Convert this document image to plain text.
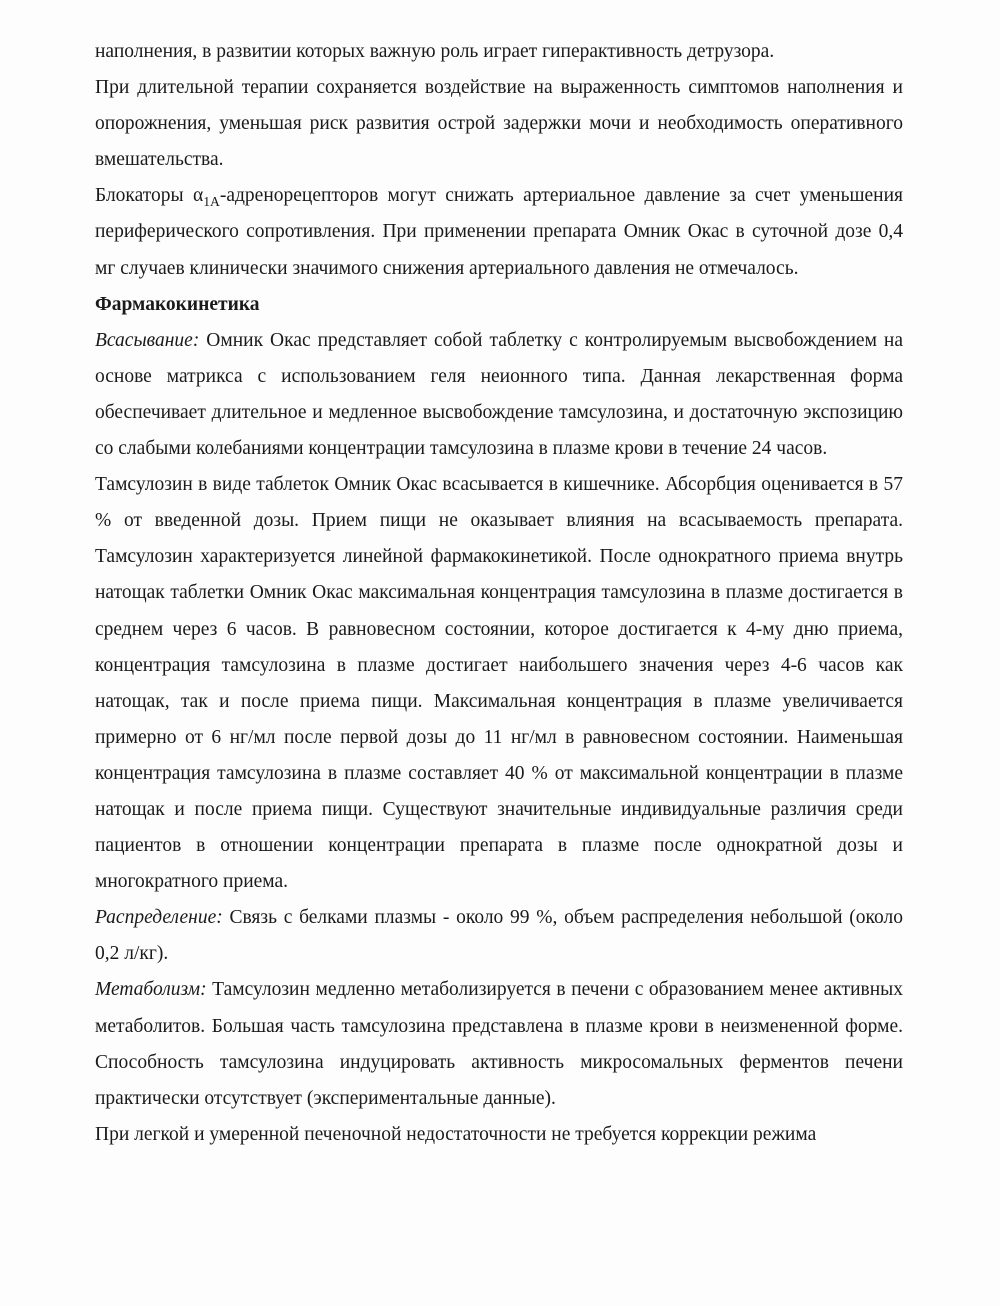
наполнения, в развитии которых важную роль играет гиперактивность детрузора.

При длительной терапии сохраняется воздействие на выраженность симптомов наполнения и опорожнения, уменьшая риск развития острой задержки мочи и необходимость оперативного вмешательства.

Блокаторы $\alpha_{1A}$-адренорецепторов могут снижать артериальное давление за счет уменьшения периферического сопротивления. При применении препарата Омник Окас в суточной дозе 0,4 мг случаев клинически значимого снижения артериального давления не отмечалось.

Фармакокинетика

Всасывание: Омник Окас представляет собой таблетку с контролируемым высвобождением на основе матрикса с использованием геля неионного типа. Данная лекарственная форма обеспечивает длительное и медленное высвобождение тамсулозина, и достаточную экспозицию со слабыми колебаниями концентрации тамсулозина в плазме крови в течение 24 часов.

Тамсулозин в виде таблеток Омник Окас всасывается в кишечнике. Абсорбция оценивается в 57 % от введенной дозы. Прием пищи не оказывает влияния на всасываемость препарата. Тамсулозин характеризуется линейной фармакокинетикой. После однократного приема внутрь натощак таблетки Омник Окас максимальная концентрация тамсулозина в плазме достигается в среднем через 6 часов. В равновесном состоянии, которое достигается к 4-му дню приема, концентрация тамсулозина в плазме достигает наибольшего значения через 4-6 часов как натощак, так и после приема пищи. Максимальная концентрация в плазме увеличивается примерно от 6 нг/мл после первой дозы до 11 нг/мл в равновесном состоянии. Наименьшая концентрация тамсулозина в плазме составляет 40 % от максимальной концентрации в плазме натощак и после приема пищи. Существуют значительные индивидуальные различия среди пациентов в отношении концентрации препарата в плазме после однократной дозы и многократного приема.

Распределение: Связь с белками плазмы - около 99 %, объем распределения небольшой (около 0,2 л/кг).

Метаболизм: Тамсулозин медленно метаболизируется в печени с образованием менее активных метаболитов. Большая часть тамсулозина представлена в плазме крови в неизмененной форме. Способность тамсулозина индуцировать активность микросомальных ферментов печени практически отсутствует (экспериментальные данные).

При легкой и умеренной печеночной недостаточности не требуется коррекции режима
